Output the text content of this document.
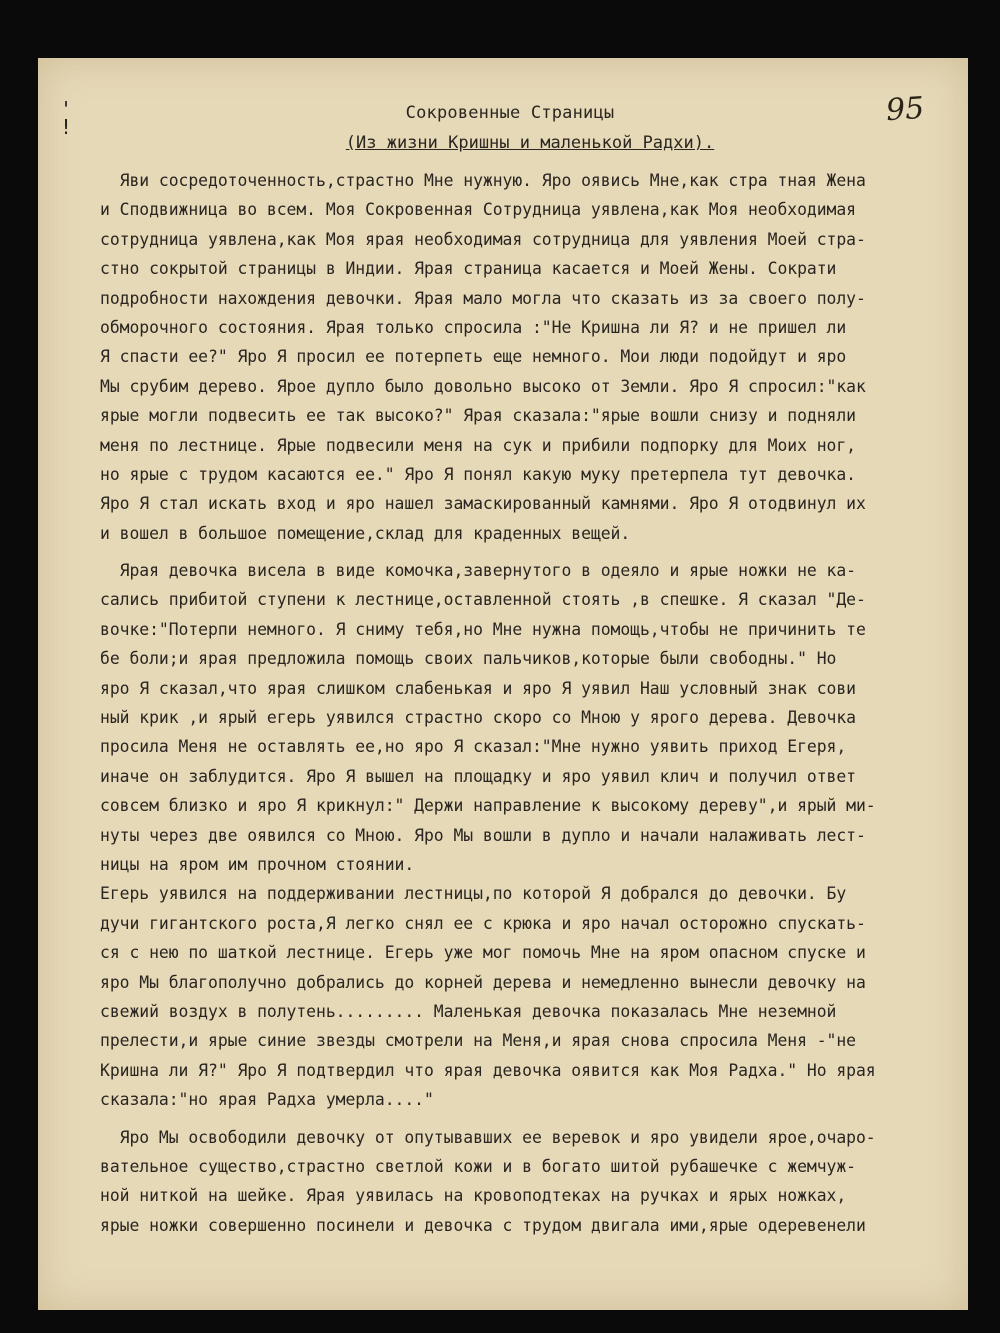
'
!	95
Сокровенные Страницы
(Из жизни Кришны и маленькой Радхи).
Яви сосредоточенность,страстно Мне нужную. Яро оявись Мне,как стра тная Жена
и Сподвижница во всем. Моя Сокровенная Сотрудница уявлена,как Моя необходимая
сотрудница уявлена,как Моя ярая необходимая сотрудница для уявления Моей стра-
стно сокрытой страницы в Индии. Ярая страница касается и Моей Жены. Сократи
подробности нахождения девочки. Ярая мало могла что сказать из за своего полу-
обморочного состояния. Ярая только спросила :"Не Кришна ли Я? и не пришел ли
Я спасти ее?" Яро Я просил ее потерпеть еще немного. Мои люди подойдут и яро
Мы срубим дерево. Ярое дупло было довольно высоко от Земли. Яро Я спросил:"как
ярые могли подвесить ее так высоко?" Ярая сказала:"ярые вошли снизу и подняли
меня по лестнице. Ярые подвесили меня на сук и прибили подпорку для Моих ног,
но ярые с трудом касаются ее." Яро Я понял какую муку претерпела тут девочка.
Яро Я стал искать вход и яро нашел замаскированный камнями. Яро Я отодвинул их
и вошел в большое помещение,склад для краденных вещей.
Ярая девочка висела в виде комочка,завернутого в одеяло и ярые ножки не ка-
сались прибитой ступени к лестнице,оставленной стоять ,в спешке. Я сказал "Де-
вочке:"Потерпи немного. Я сниму тебя,но Мне нужна помощь,чтобы не причинить те
бе боли;и ярая предложила помощь своих пальчиков,которые были свободны." Но
яро Я сказал,что ярая слишком слабенькая и яро Я уявил Наш условный знак сови
ный крик ,и ярый егерь уявился страстно скоро со Мною у ярого дерева. Девочка
просила Меня не оставлять ее,но яро Я сказал:"Мне нужно уявить приход Егеря,
иначе он заблудится. Яро Я вышел на площадку и яро уявил клич и получил ответ
совсем близко и яро Я крикнул:" Держи направление к высокому дереву",и ярый ми-
нуты через две оявился со Мною. Яро Мы вошли в дупло и начали налаживать лест-
ницы на яром им прочном стоянии.
Егерь уявился на поддерживании лестницы,по которой Я добрался до девочки. Бу
дучи гигантского роста,Я легко снял ее с крюка и яро начал осторожно спускать-
ся с нею по шаткой лестнице. Егерь уже мог помочь Мне на яром опасном спуске и
яро Мы благополучно добрались до корней дерева и немедленно вынесли девочку на
свежий воздух в полутень......... Маленькая девочка показалась Мне неземной
прелести,и ярые синие звезды смотрели на Меня,и ярая снова спросила Меня -"не
Кришна ли Я?" Яро Я подтвердил что ярая девочка оявится как Моя Радха." Но ярая
сказала:"но ярая Радха умерла...."
Яро Мы освободили девочку от опутывавших ее веревок и яро увидели ярое,очаро-
вательное существо,страстно светлой кожи и в богато шитой рубашечке с жемчуж-
ной ниткой на шейке. Ярая уявилась на кровоподтеках на ручках и ярых ножках,
ярые ножки совершенно посинели и девочка с трудом двигала ими,ярые одеревенели
